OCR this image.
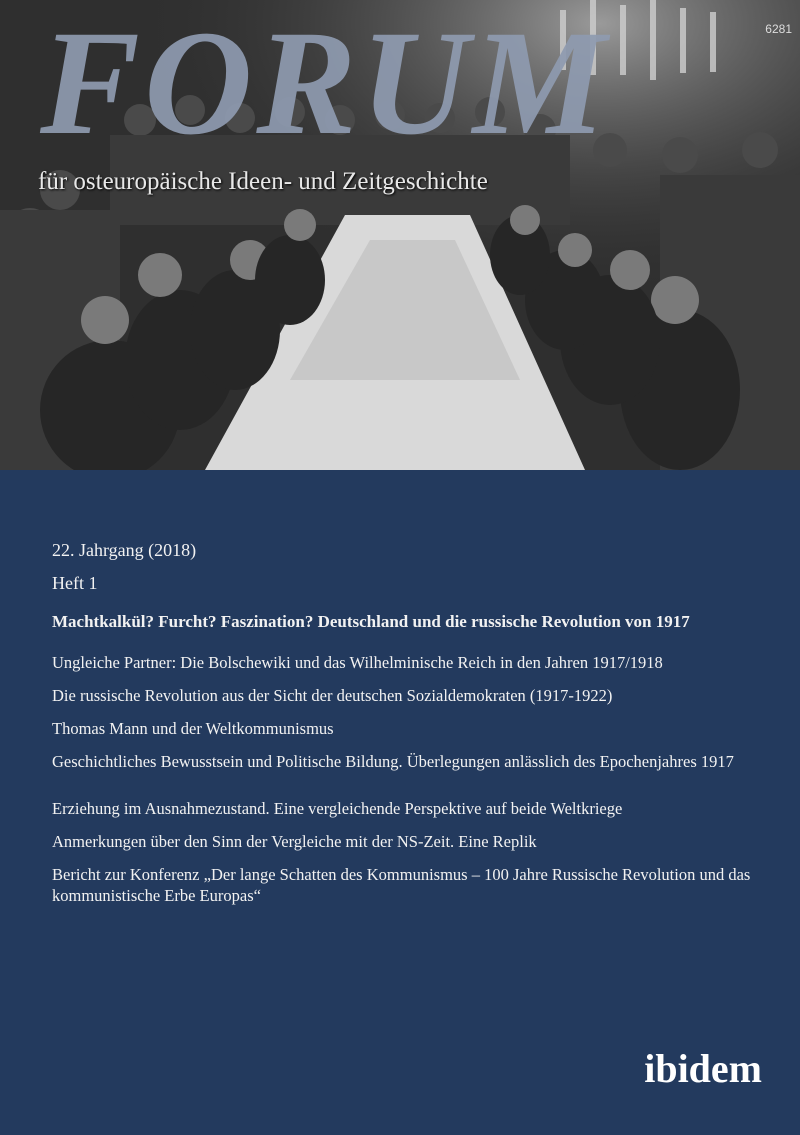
6281
FORUM
für osteuropäische Ideen- und Zeitgeschichte

22. Jahrgang (2018)

Heft 1

Machtkalkül? Furcht? Faszination? Deutschland und die russische Revolution von 1917

Ungleiche Partner: Die Bolschewiki und das Wilhelminische Reich in den Jahren 1917/1918

Die russische Revolution aus der Sicht der deutschen Sozialdemokraten (1917-1922)

Thomas Mann und der Weltkommunismus

Geschichtliches Bewusstsein und Politische Bildung. Überlegungen anlässlich des Epochenjahres 1917

Erziehung im Ausnahmezustand. Eine vergleichende Perspektive auf beide Weltkriege

Anmerkungen über den Sinn der Vergleiche mit der NS-Zeit. Eine Replik

Bericht zur Konferenz „Der lange Schatten des Kommunismus – 100 Jahre Russische Revolution und das kommunistische Erbe Europas“

ibidem
